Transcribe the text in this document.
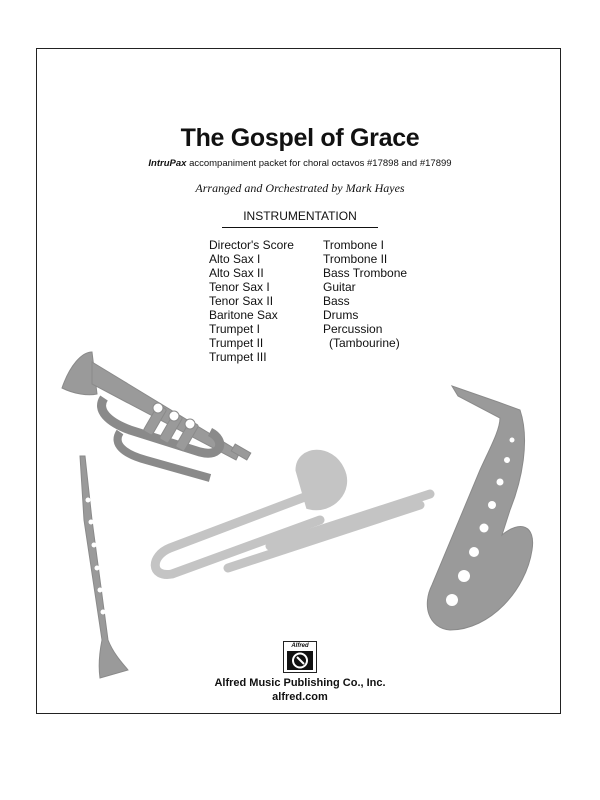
The Gospel of Grace
IntruPax accompaniment packet for choral octavos #17898 and #17899
Arranged and Orchestrated by Mark Hayes
INSTRUMENTATION
Director's Score
Alto Sax I
Alto Sax II
Tenor Sax I
Tenor Sax II
Baritone Sax
Trumpet I
Trumpet II
Trumpet III
Trombone I
Trombone II
Bass Trombone
Guitar
Bass
Drums
Percussion
(Tambourine)
Alfred
Alfred Music Publishing Co., Inc.
alfred.com
